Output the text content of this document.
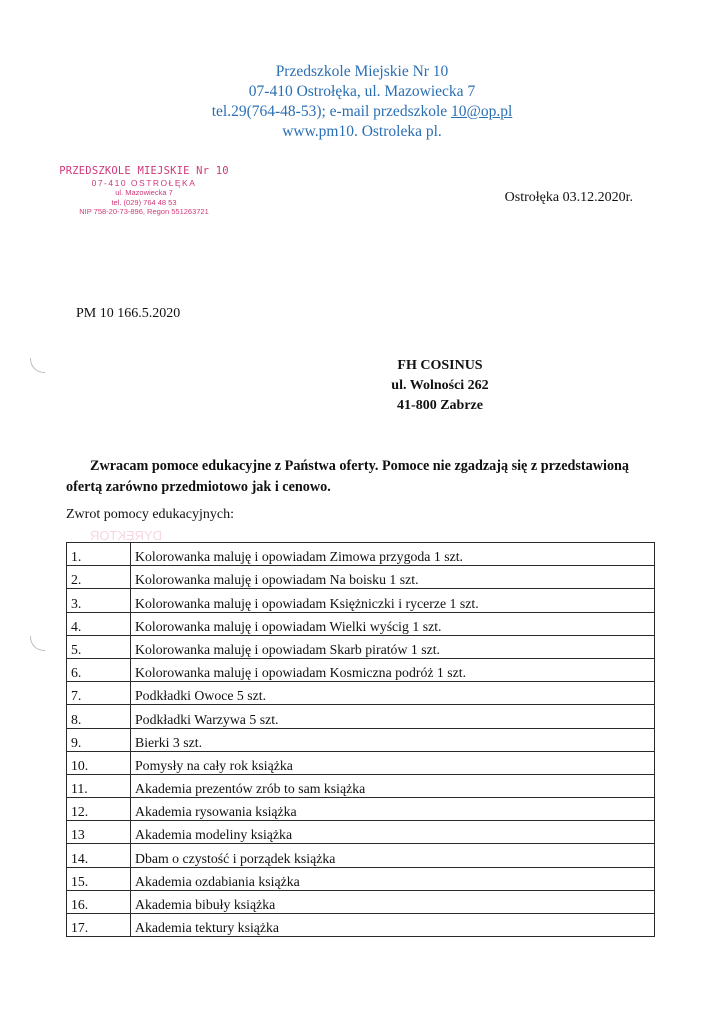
Przedszkole Miejskie Nr 10
07-410 Ostrołęka, ul. Mazowiecka 7
tel.29(764-48-53); e-mail przedszkole 10@op.pl
www.pm10. Ostroleka pl.
PRZEDSZKOLE MIEJSKIE Nr 10
07-410 OSTROŁĘKA
ul. Mazowiecka 7
tel. (029) 764 48 53
NIP 758-20-73-896, Regon 551263721
Ostrołęka 03.12.2020r.
PM 10 166.5.2020
FH COSINUS
ul. Wolności 262
41-800 Zabrze
Zwracam pomoce edukacyjne z Państwa oferty. Pomoce nie zgadzają się z przedstawioną ofertą zarówno przedmiotowo jak i cenowo.
Zwrot pomocy edukacyjnych:
DYREKTOR
1.	Kolorowanka maluję i opowiadam Zimowa przygoda 1 szt.
2.	Kolorowanka maluję i opowiadam Na boisku 1 szt.
3.	Kolorowanka maluję i opowiadam Księżniczki i rycerze 1 szt.
4.	Kolorowanka maluję i opowiadam Wielki wyścig 1 szt.
5.	Kolorowanka maluję i opowiadam Skarb piratów 1 szt.
6.	Kolorowanka maluję i opowiadam Kosmiczna podróż 1 szt.
7.	Podkładki Owoce 5 szt.
8.	Podkładki Warzywa 5 szt.
9.	Bierki 3 szt.
10.	Pomysły na cały rok książka
11.	Akademia prezentów zrób to sam książka
12.	Akademia rysowania książka
13	Akademia modeliny książka
14.	Dbam o czystość i porządek książka
15.	Akademia ozdabiania książka
16.	Akademia bibuły książka
17.	Akademia tektury książka
